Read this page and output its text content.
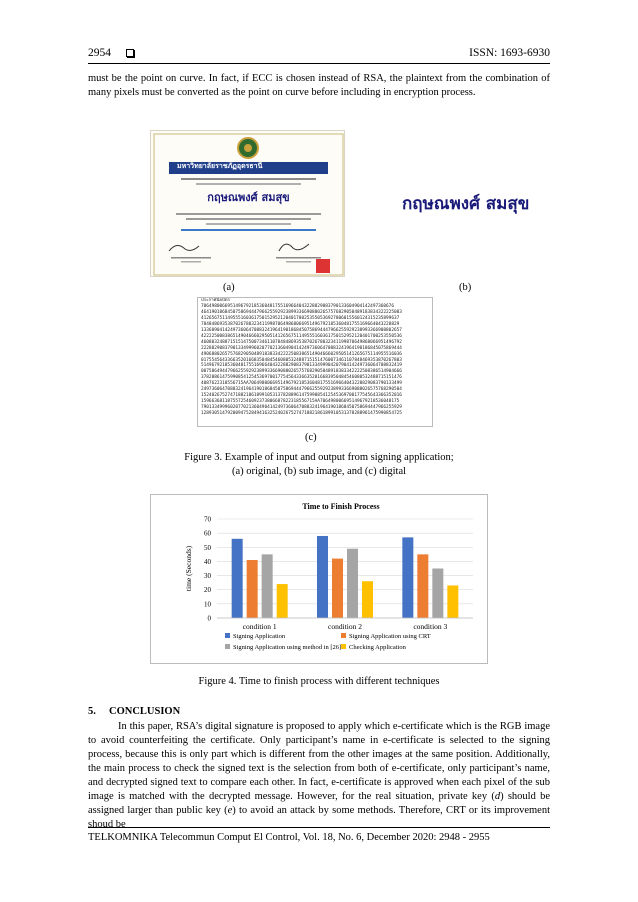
2954	ISSN: 1693-6930
must be the point on curve. In fact, if ECC is chosen instead of RSA, the plaintext from the combination of many pixels must be converted as the point on curve before including in encryption process.
มหาวิทยาลัยราชภัฏอุดรธานี
กฤษณพงศ์ สมสุข	กฤษณพงศ์ สมสุข
(a)	(b)
ประกาศนียบัตร
7064980066951496792185360481755169664043228829083790133604904142497360676
4641901868450758694447966255929238993366908802657576829050489183834322225083
412656751149555160361750152952120401700253550536927806015560124315235899637
784848693538702678032341199870649868066951496792185360481755169664043228829
1336090414249736064708832419641901868450758694447966255929238993366908802657
4222250083865149046660295051412656751149555160361750152952120401700253550536
4608032488715151475007346110784848693538702678032341199870649868066951496792
2228829083790133499960207702136049041424973606470883241964190186845075869444
4906880265757682905048918383342222508386514904666029505141265675114955516036
0175545643366352016683504845460805324887151514760073461107848469353870267803
5149679218536048175516966404322882908379013349990420790414249736064708832419
0075864944796625592923899336690880265757682905048918383342222508386514904666
3782886147599085412545369700177545643366352016683950484546080532488715151476
4087622318556715AA7064980066951496792185360481755169664043228829083790133499
2497360647088324196419018684507586944479662559292389933669088026575768290504
1524026752747188218618991053137828896147599085412545369700177545643366352016
1596636811875572546092373806687822318556715AA706498006695149679218536048175
7901334999602077021360490414249736064708832419641901868450758694447966255929
1289305147920094752849416325240267527471882186189910531378288961475990854725
(c)
Figure 3. Example of input and output from signing application;
(a) original, (b) sub image, and (c) digital
Time to Finish Process
0
10
20
30
40
50
60
70
time (Seconds)
condition 1	condition 2	condition 3
Signing Application	Signing Application using CRT
Signing Application using method in [26] Checking Application
Figure 4. Time to finish process with different techniques
5.     CONCLUSION
In this paper, RSA’s digital signature is proposed to apply which e-certificate which is the RGB image to avoid counterfeiting the certificate. Only participant’s name in e-certificate is selected to the signing process, because this is only part which is different from the other images at the same position. Additionally, the main process to check the signed text is the selection from both of e-certificate, only participant’s name, and decrypted signed text to compare each other. In fact, e-certificate is approved when each pixel of the sub image is matched with the decrypted message. However, for the real situation, private key (d) should be assigned larger than public key (e) to avoid an attack by some methods. Therefore, CRT or its improvement shoud be
TELKOMNIKA Telecommun Comput El Control, Vol. 18, No. 6, December 2020: 2948 - 2955
